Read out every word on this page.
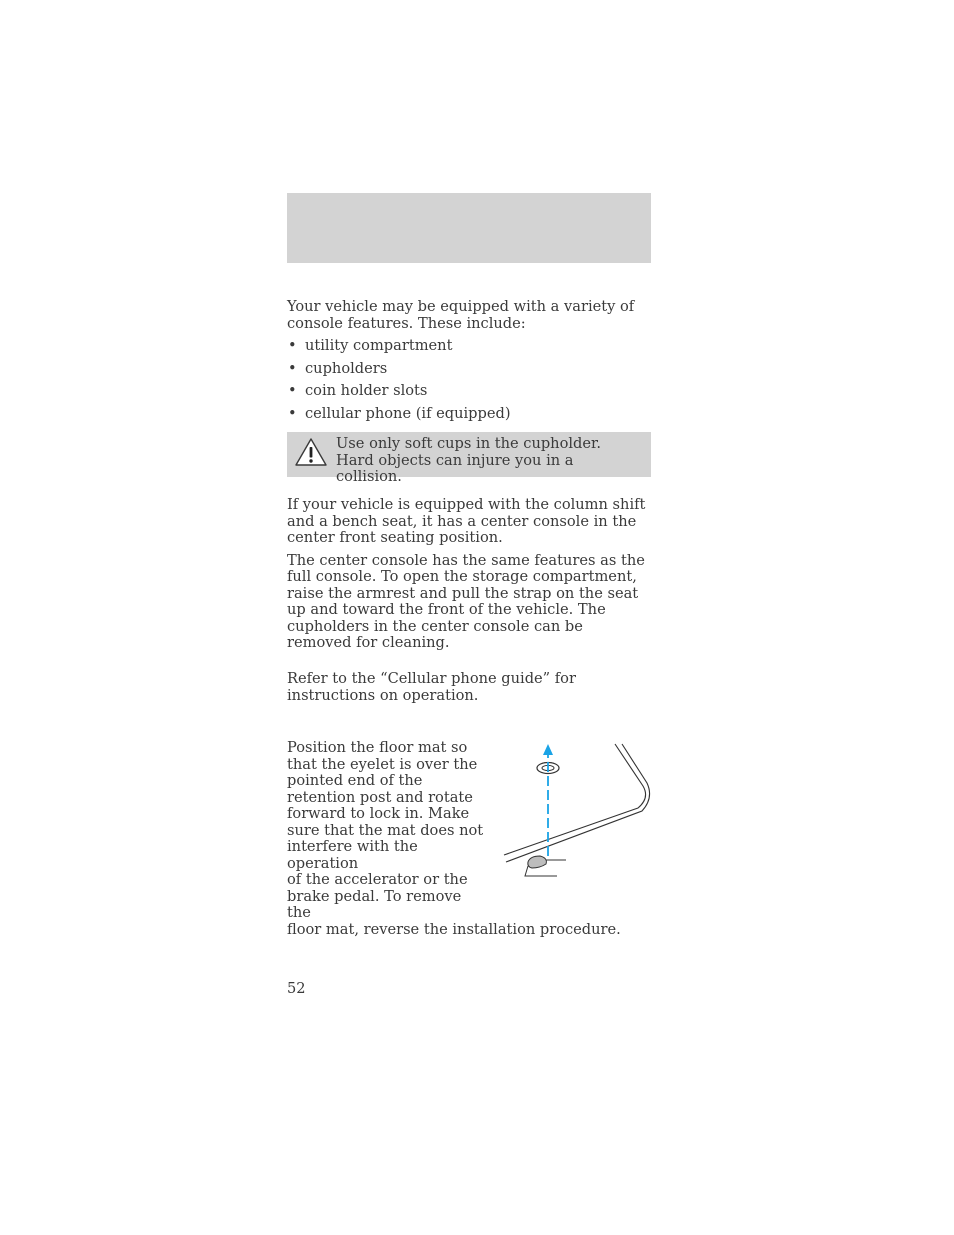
Your vehicle may be equipped with a variety of console features. These include:

• utility compartment
• cupholders
• coin holder slots
• cellular phone (if equipped)
Use only soft cups in the cupholder. Hard objects can injure you in a collision.

If your vehicle is equipped with the column shift and a bench seat, it has a center console in the center front seating position.

The center console has the same features as the full console. To open the storage compartment, raise the armrest and pull the strap on the seat up and toward the front of the vehicle. The cupholders in the center console can be removed for cleaning.

Refer to the “Cellular phone guide” for instructions on operation.

Position the floor mat so
that the eyelet is over the
pointed end of the
retention post and rotate
forward to lock in. Make
sure that the mat does not
interfere with the operation
of the accelerator or the
brake pedal. To remove the
floor mat, reverse the installation procedure.
52
